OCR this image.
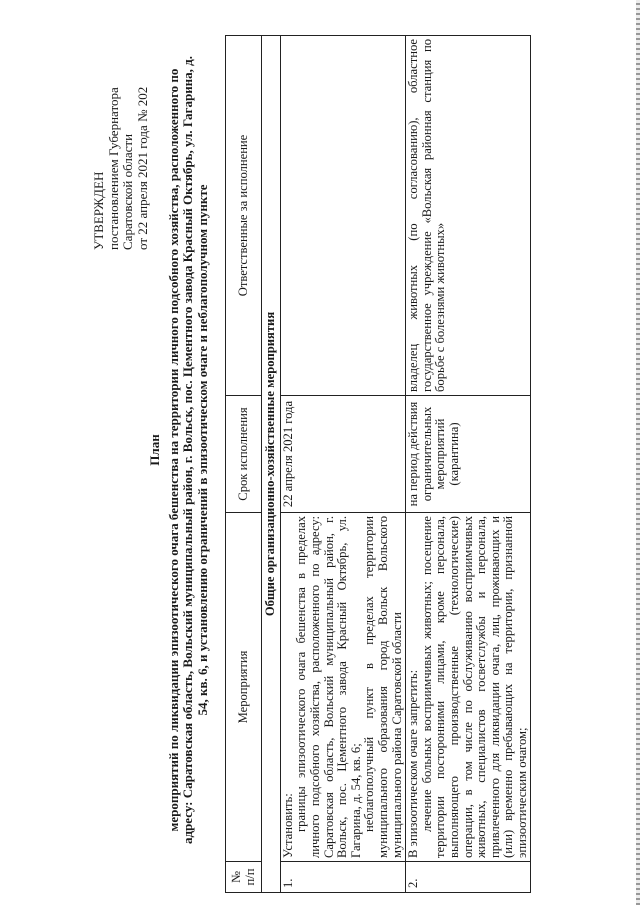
УТВЕРЖДЕН постановлением Губернатора Саратовской области от 22 апреля 2021 года № 202
План мероприятий по ликвидации эпизоотического очага бешенства на территории личного подсобного хозяйства, расположенного по адресу: Саратовская область, Вольский муниципальный район, г. Вольск, пос. Цементного завода Красный Октябрь, ул. Гагарина, д. 54, кв. 6, и установлению ограничений в эпизоотическом очаге и неблагополучном пункте
№ п/п	Мероприятия	Срок исполнения	Ответственные за исполнение
Общие организационно-хозяйственные мероприятия			
1.	Установить: границы эпизоотического очага бешенства в пределах личного подсобного хозяйства, расположенного по адресу: Саратовская область, Вольский муниципальный район, г. Вольск, пос. Цементного завода Красный Октябрь, ул. Гагарина, д. 54, кв. 6; неблагополучный пункт в пределах территории муниципального образования город Вольск Вольского муниципального района Саратовской области	22 апреля 2021 года	
2.	В эпизоотическом очаге запретить: лечение больных восприимчивых животных; посещение территории посторонними лицами, кроме персонала, выполняющего производственные (технологические) операции, в том числе по обслуживанию восприимчивых животных, специалистов госветслужбы и персонала, привлеченного для ликвидации очага, лиц, проживающих и (или) временно пребывающих на территории, признанной эпизоотическим очагом;	на период действия ограничительных мероприятий (карантина)	владелец животных (по согласованию), областное государственное учреждение «Вольская районная станция по борьбе с болезнями животных»
